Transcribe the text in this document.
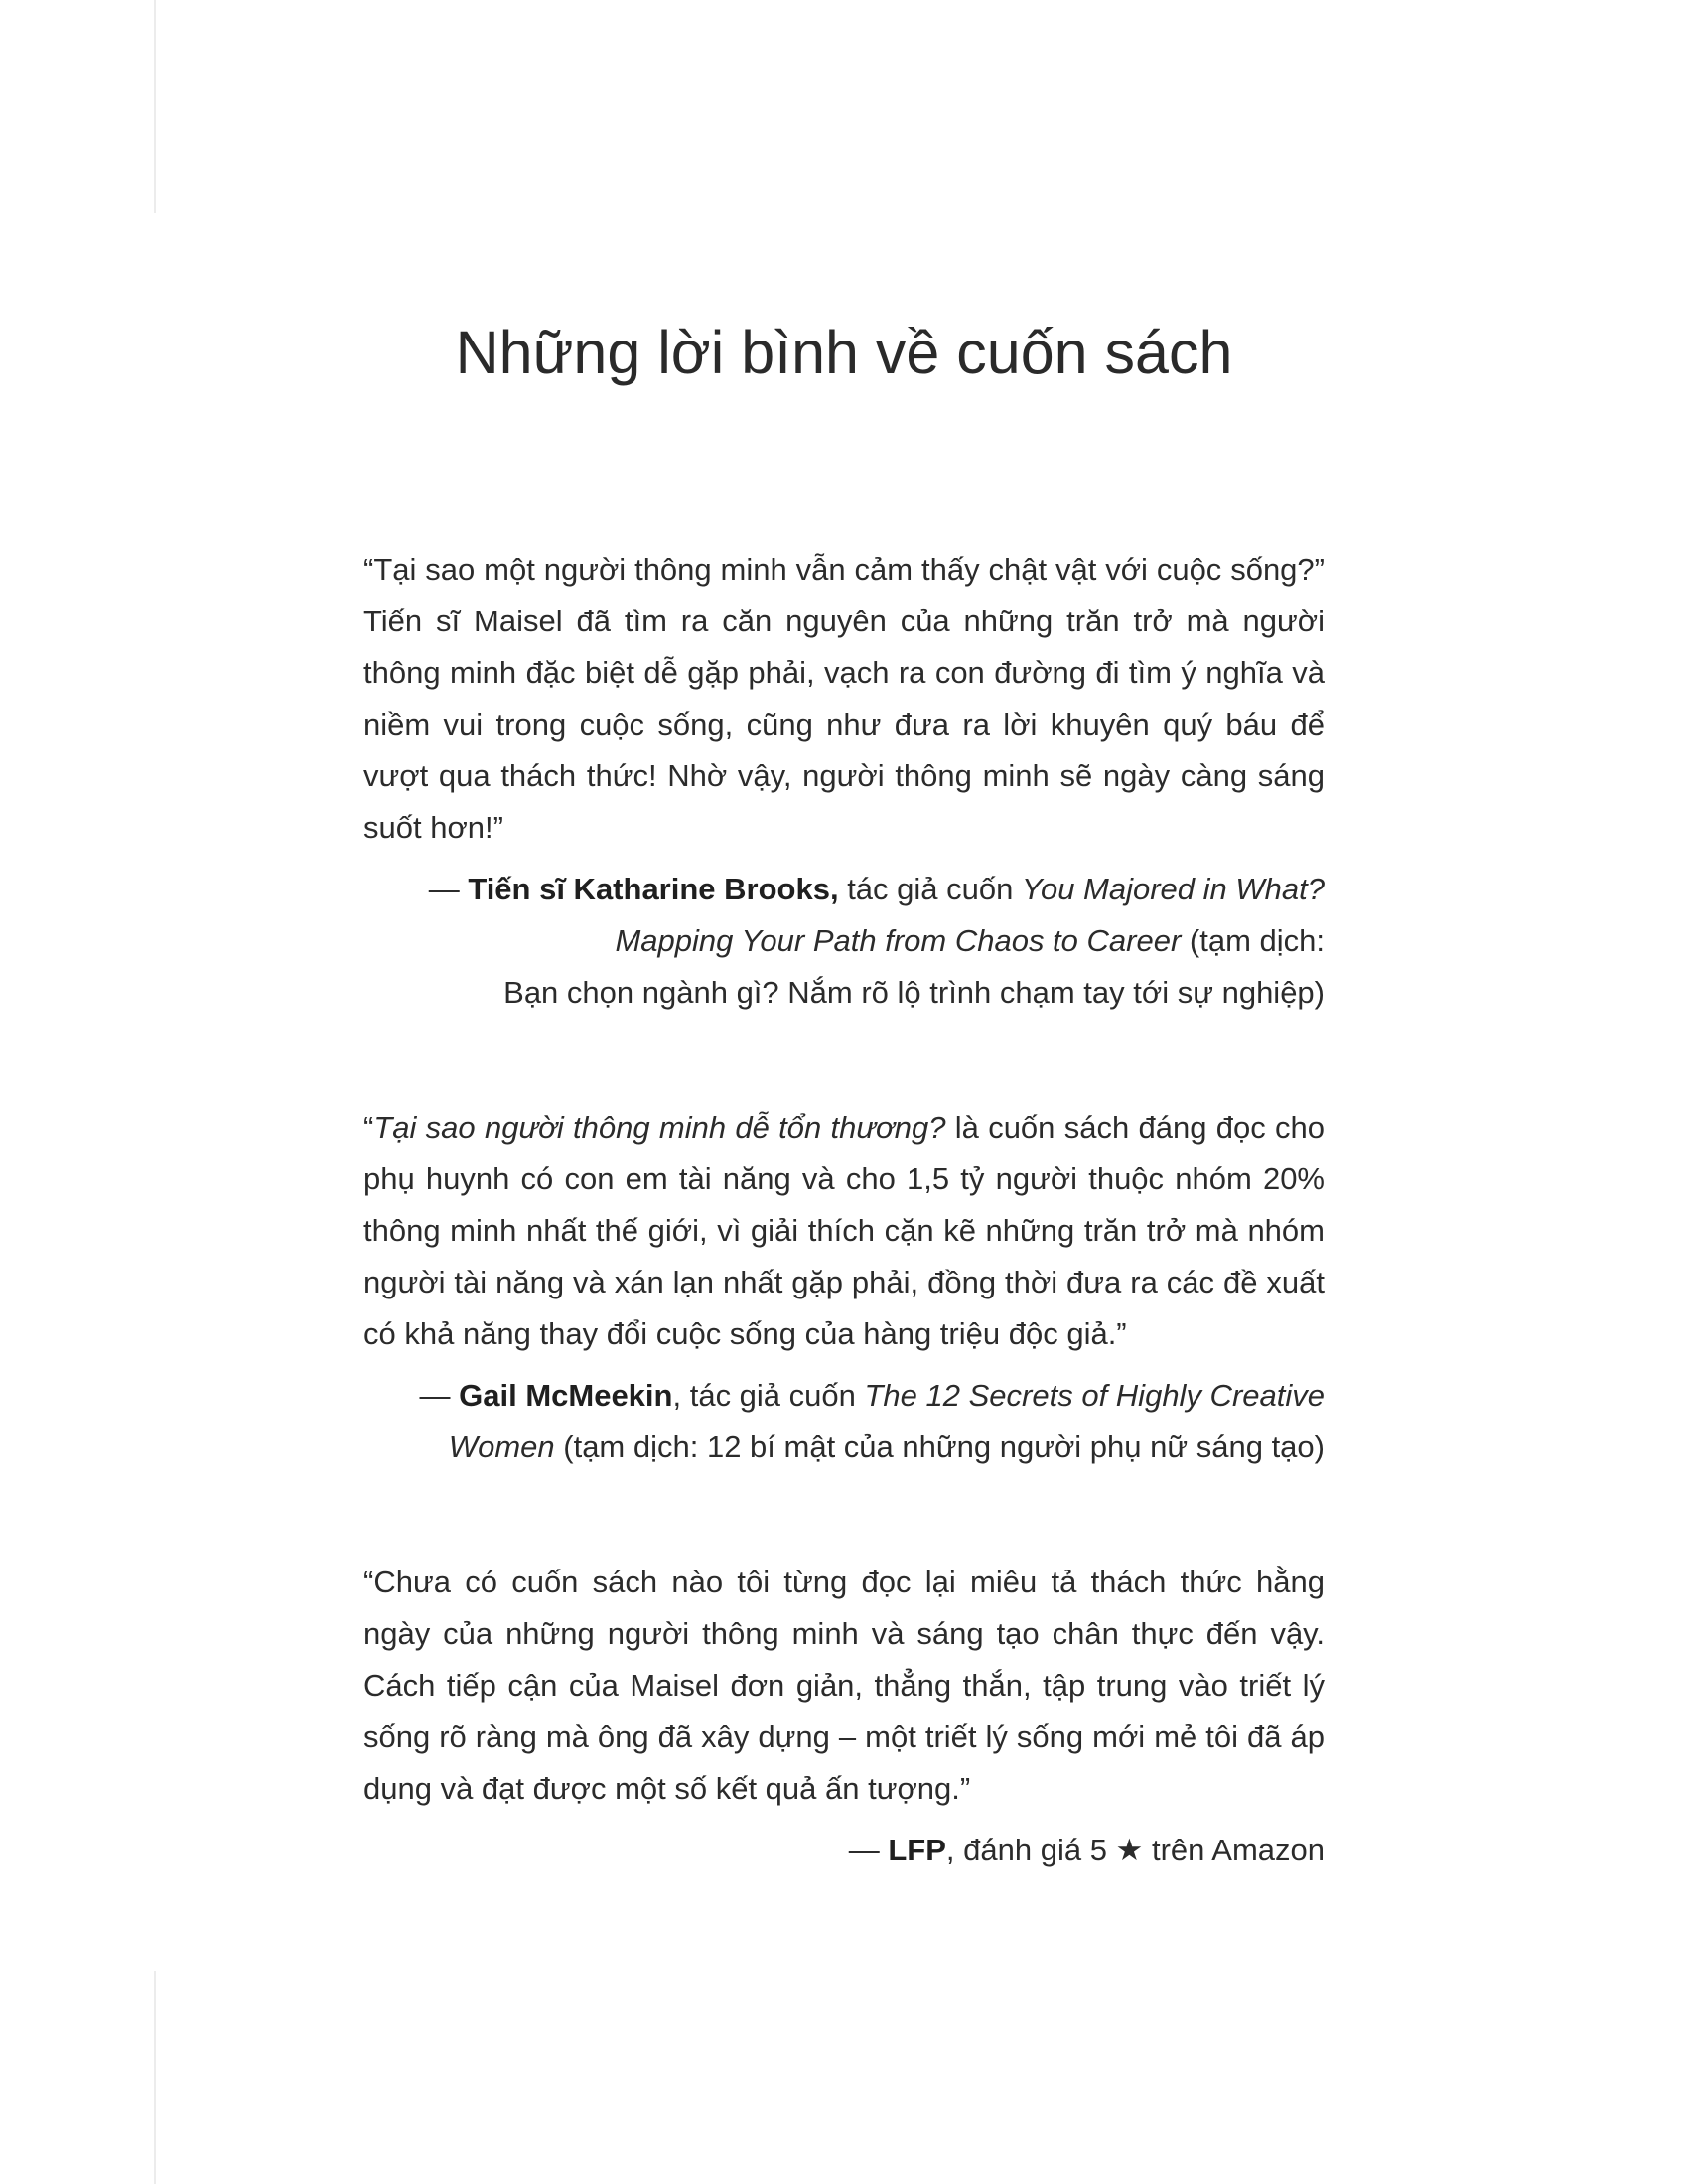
Những lời bình về cuốn sách

“Tại sao một người thông minh vẫn cảm thấy chật vật với cuộc sống?” Tiến sĩ Maisel đã tìm ra căn nguyên của những trăn trở mà người thông minh đặc biệt dễ gặp phải, vạch ra con đường đi tìm ý nghĩa và niềm vui trong cuộc sống, cũng như đưa ra lời khuyên quý báu để vượt qua thách thức! Nhờ vậy, người thông minh sẽ ngày càng sáng suốt hơn!”

— Tiến sĩ Katharine Brooks, tác giả cuốn You Majored in What?
Mapping Your Path from Chaos to Career (tạm dịch:
Bạn chọn ngành gì? Nắm rõ lộ trình chạm tay tới sự nghiệp)

“Tại sao người thông minh dễ tổn thương? là cuốn sách đáng đọc cho phụ huynh có con em tài năng và cho 1,5 tỷ người thuộc nhóm 20% thông minh nhất thế giới, vì giải thích cặn kẽ những trăn trở mà nhóm người tài năng và xán lạn nhất gặp phải, đồng thời đưa ra các đề xuất có khả năng thay đổi cuộc sống của hàng triệu độc giả.”

— Gail McMeekin, tác giả cuốn The 12 Secrets of Highly Creative
Women (tạm dịch: 12 bí mật của những người phụ nữ sáng tạo)

“Chưa có cuốn sách nào tôi từng đọc lại miêu tả thách thức hằng ngày của những người thông minh và sáng tạo chân thực đến vậy. Cách tiếp cận của Maisel đơn giản, thẳng thắn, tập trung vào triết lý sống rõ ràng mà ông đã xây dựng – một triết lý sống mới mẻ tôi đã áp dụng và đạt được một số kết quả ấn tượng.”

— LFP, đánh giá 5 ★ trên Amazon
